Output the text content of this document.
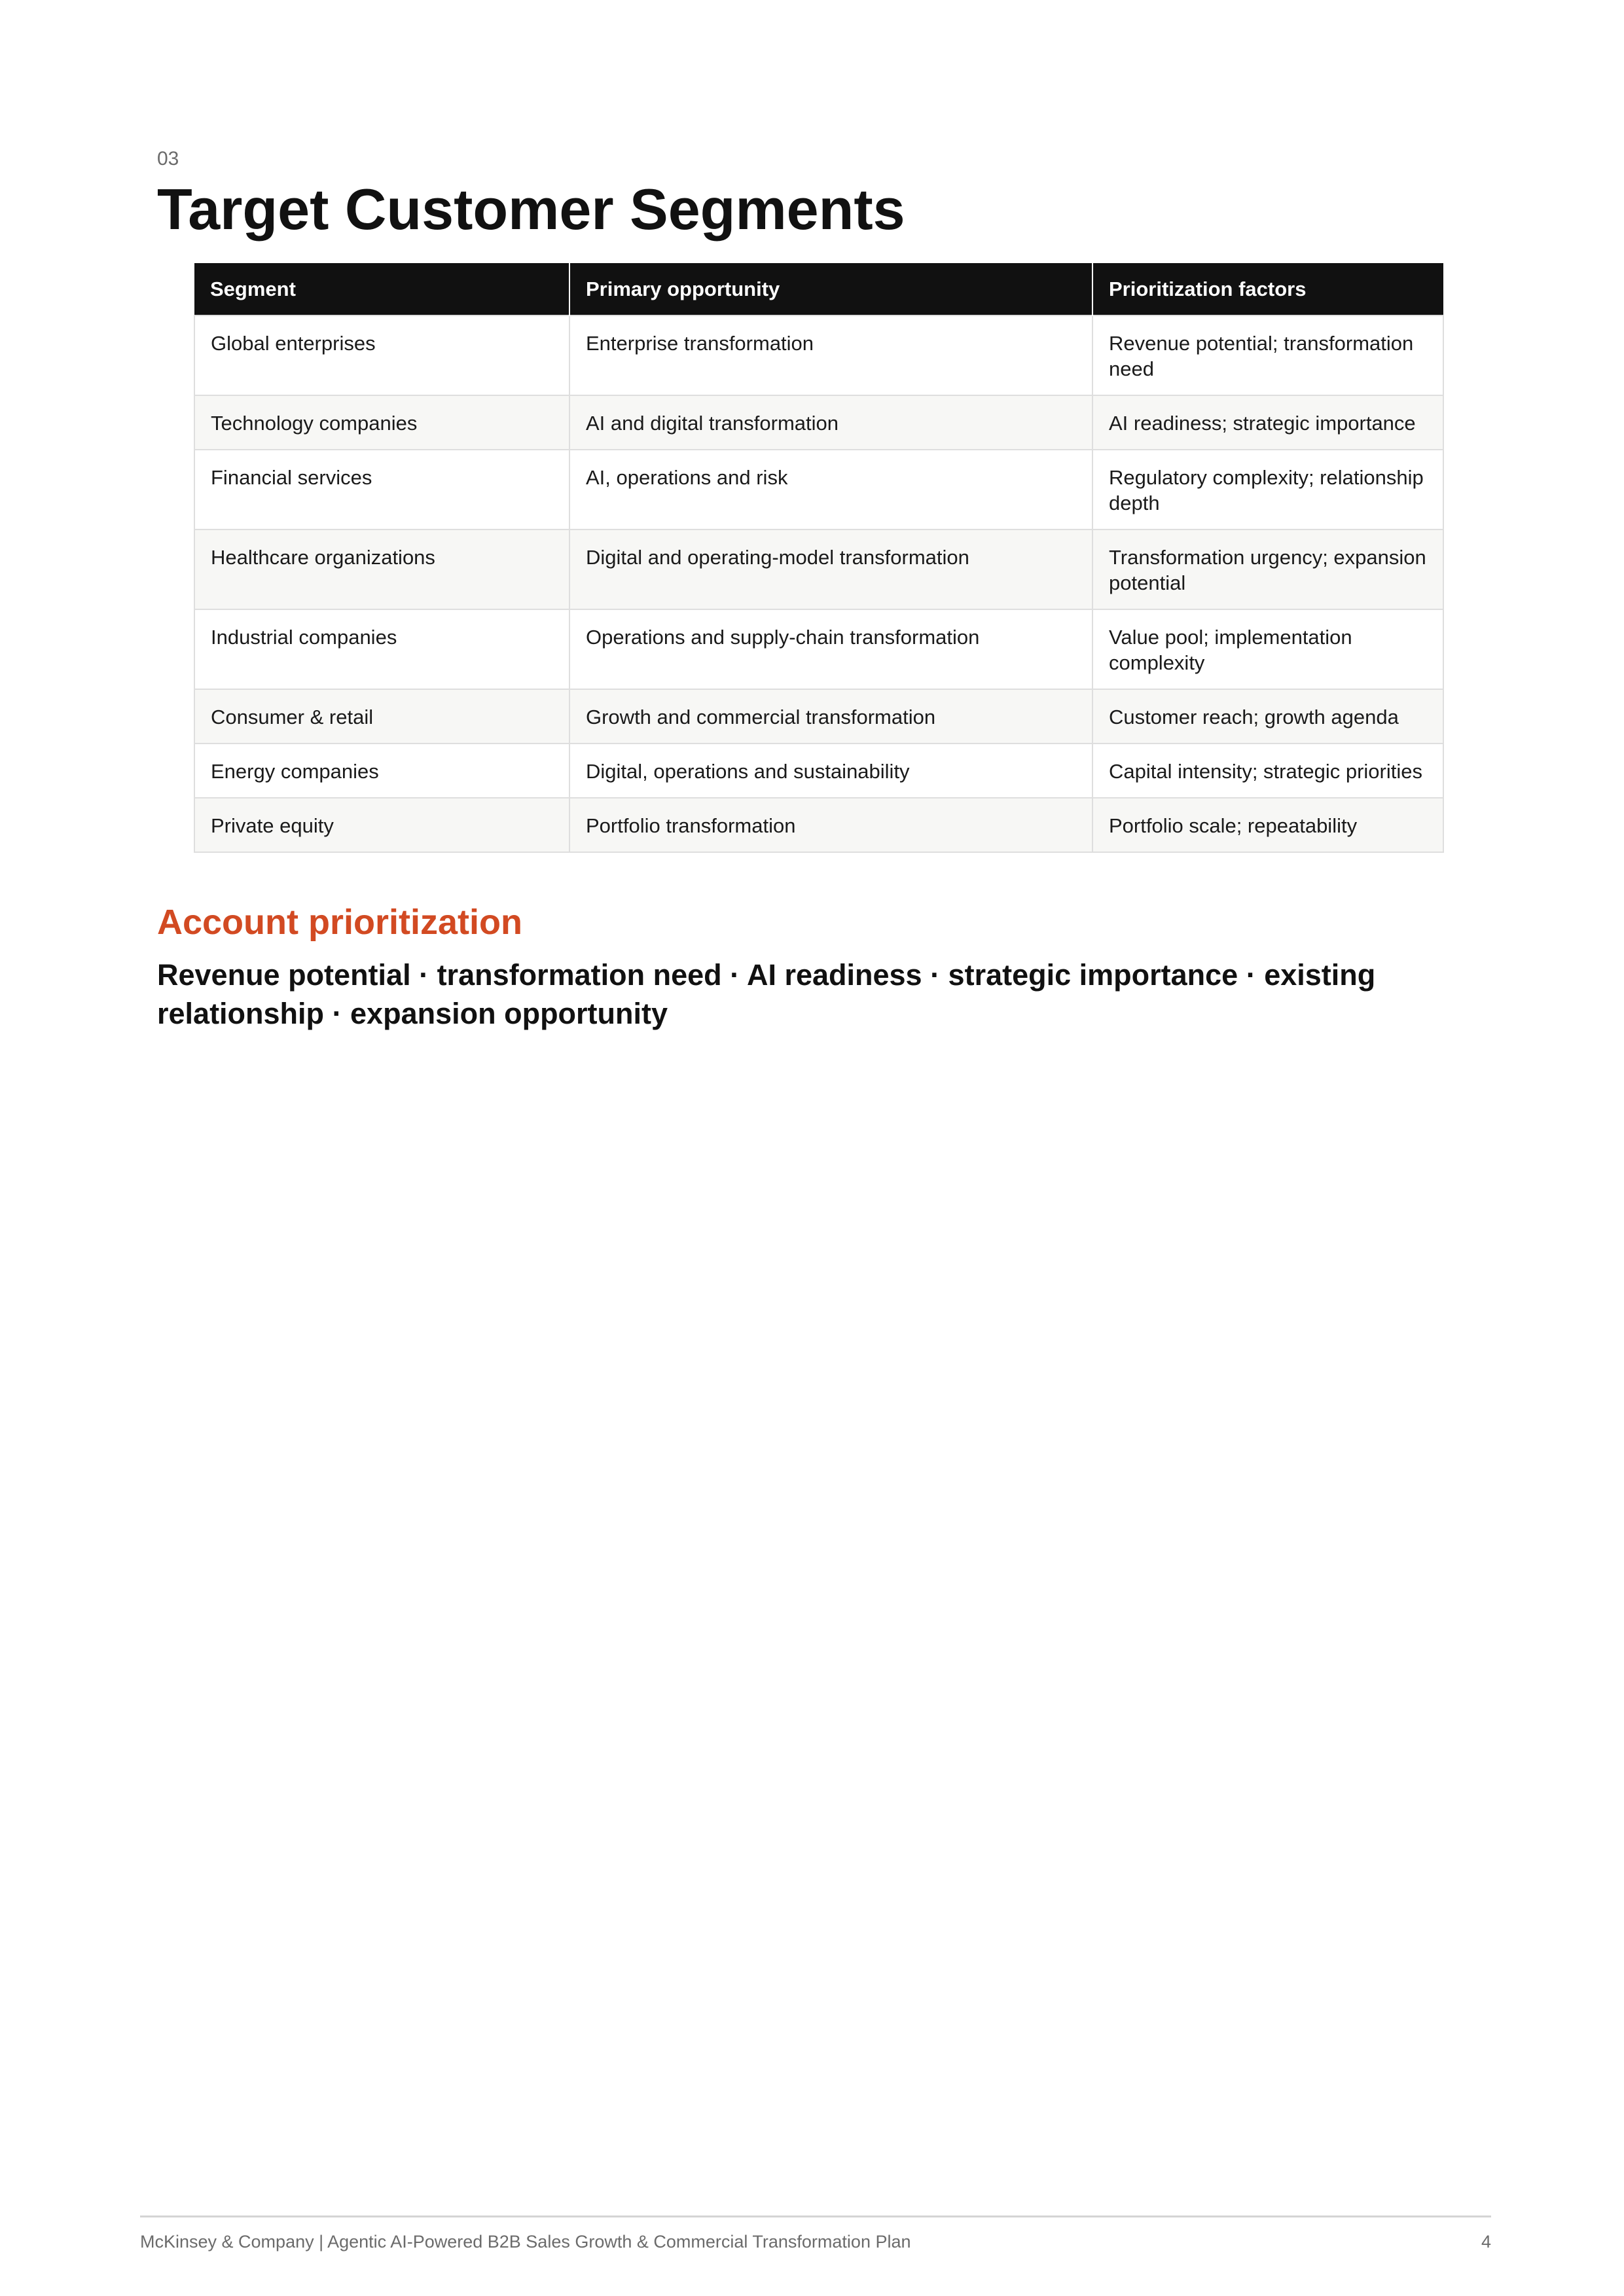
03
Target Customer Segments
Segment	Primary opportunity	Prioritization factors
Global enterprises	Enterprise transformation	Revenue potential; transformation need
Technology companies	AI and digital transformation	AI readiness; strategic importance
Financial services	AI, operations and risk	Regulatory complexity; relationship depth
Healthcare organizations	Digital and operating-model transformation	Transformation urgency; expansion potential
Industrial companies	Operations and supply-chain transformation	Value pool; implementation complexity
Consumer & retail	Growth and commercial transformation	Customer reach; growth agenda
Energy companies	Digital, operations and sustainability	Capital intensity; strategic priorities
Private equity	Portfolio transformation	Portfolio scale; repeatability
Account prioritization

Revenue potential · transformation need · AI readiness · strategic importance · existing relationship · expansion opportunity

McKinsey & Company | Agentic AI-Powered B2B Sales Growth & Commercial Transformation Plan	4
